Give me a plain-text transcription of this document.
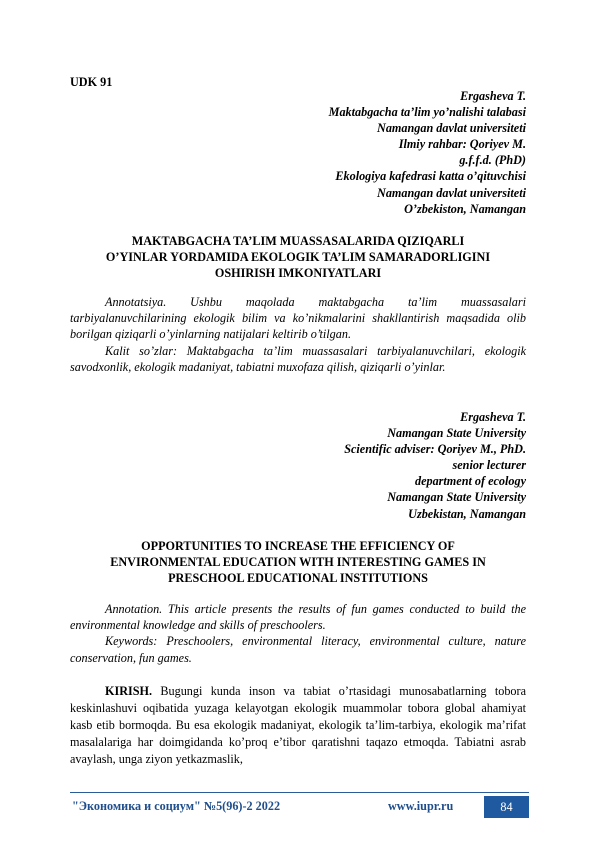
UDK 91
Ergasheva T.
Maktabgacha ta’lim yo’nalishi talabasi
Namangan davlat universiteti
Ilmiy rahbar: Qoriyev M.
g.f.f.d. (PhD)
Ekologiya kafedrasi katta o’qituvchisi
Namangan davlat universiteti
O’zbekiston, Namangan
MAKTABGACHA TA’LIM MUASSASALARIDA QIZIQARLI
O’YINLAR YORDAMIDA EKOLOGIK TA’LIM SAMARADORLIGINI
OSHIRISH IMKONIYATLARI

Annotatsiya. Ushbu maqolada maktabgacha ta’lim muassasalari tarbiyalanuvchilarining ekologik bilim va ko’nikmalarini shakllantirish maqsadida olib borilgan qiziqarli o’yinlarning natijalari keltirib o’tilgan.

Kalit so’zlar: Maktabgacha ta’lim muassasalari tarbiyalanuvchilari, ekologik savodxonlik, ekologik madaniyat, tabiatni muxofaza qilish, qiziqarli o’yinlar.

Ergasheva T.
Namangan State University
Scientific adviser: Qoriyev M., PhD.
senior lecturer
department of ecology
Namangan State University
Uzbekistan, Namangan
OPPORTUNITIES TO INCREASE THE EFFICIENCY OF
ENVIRONMENTAL EDUCATION WITH INTERESTING GAMES IN
PRESCHOOL EDUCATIONAL INSTITUTIONS

Annotation. This article presents the results of fun games conducted to build the environmental knowledge and skills of preschoolers.

Keywords: Preschoolers, environmental literacy, environmental culture, nature conservation, fun games.

KIRISH. Bugungi kunda inson va tabiat o’rtasidagi munosabatlarning tobora keskinlashuvi oqibatida yuzaga kelayotgan ekologik muammolar tobora global ahamiyat kasb etib bormoqda. Bu esa ekologik madaniyat, ekologik ta’lim-tarbiya, ekologik ma’rifat masalalariga har doimgidanda ko’proq e’tibor qaratishni taqazo etmoqda. Tabiatni asrab avaylash, unga ziyon yetkazmaslik,

"Экономика и социум" №5(96)-2 2022	www.iupr.ru	84
